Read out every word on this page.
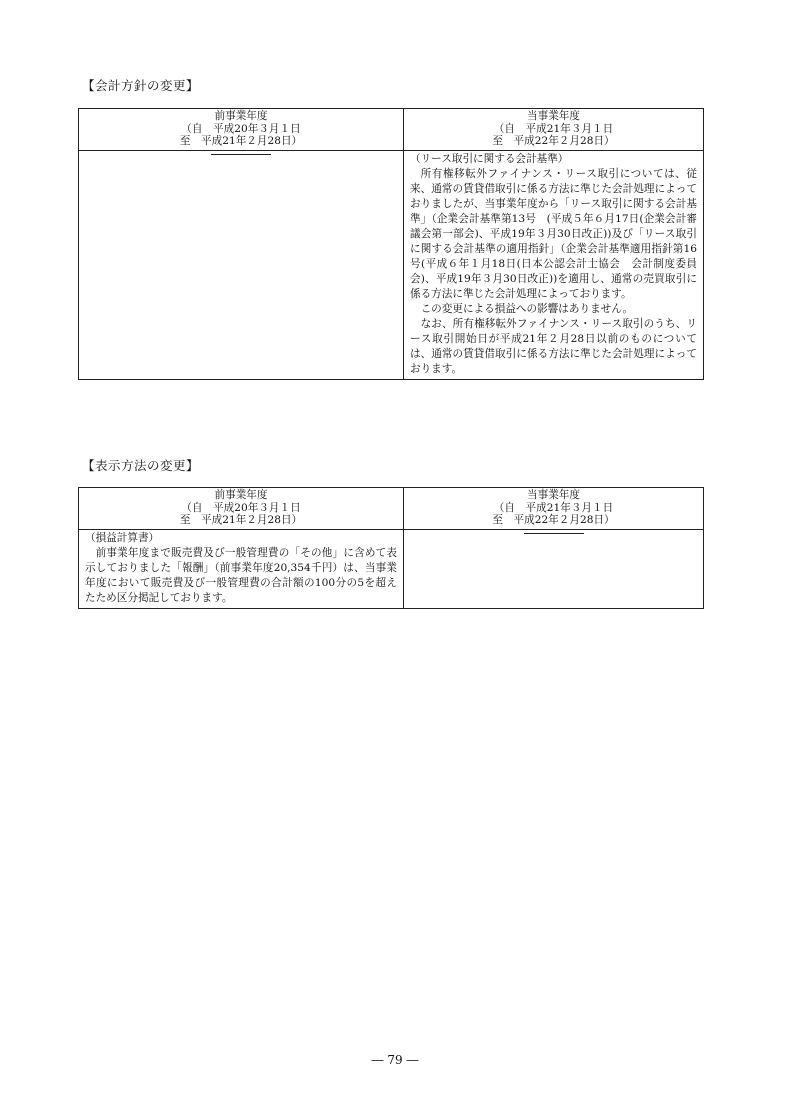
【会計方針の変更】
前事業年度
（自　平成20年３月１日
至　平成21年２月28日）	当事業年度
（自　平成21年３月１日
至　平成22年２月28日）

	（リース取引に関する会計基準）
所有権移転外ファイナンス・リース取引については、従来、通常の賃貸借取引に係る方法に準じた会計処理によっておりましたが、当事業年度から「リース取引に関する会計基準」（企業会計基準第13号　(平成５年６月17日(企業会計審議会第一部会)、平成19年３月30日改正))及び「リース取引に関する会計基準の適用指針」（企業会計基準適用指針第16号(平成６年１月18日(日本公認会計士協会　会計制度委員会)、平成19年３月30日改正))を適用し、通常の売買取引に係る方法に準じた会計処理によっております。
この変更による損益への影響はありません。
なお、所有権移転外ファイナンス・リース取引のうち、リース取引開始日が平成21年２月28日以前のものについては、通常の賃貸借取引に係る方法に準じた会計処理によっております。
【表示方法の変更】
前事業年度
（自　平成20年３月１日
至　平成21年２月28日）	当事業年度
（自　平成21年３月１日
至　平成22年２月28日）

（損益計算書）
前事業年度まで販売費及び一般管理費の「その他」に含めて表示しておりました「報酬」（前事業年度20,354千円）は、当事業年度において販売費及び一般管理費の合計額の100分の5を超えたため区分掲記しております。	

― 79 ―
